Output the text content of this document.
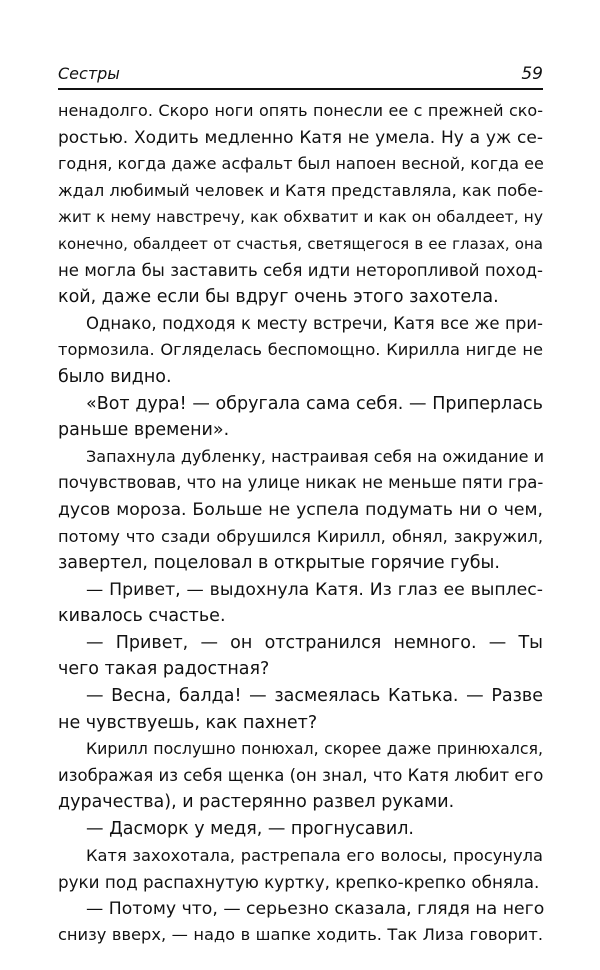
Сестры	59
ненадолго. Скоро ноги опять понесли ее с прежней ско-
ростью. Ходить медленно Катя не умела. Ну а уж се-
годня, когда даже асфальт был напоен весной, когда ее
ждал любимый человек и Катя представляла, как побе-
жит к нему навстречу, как обхватит и как он обалдеет, ну
конечно, обалдеет от счастья, светящегося в ее глазах, она
не могла бы заставить себя идти неторопливой поход-
кой, даже если бы вдруг очень этого захотела.
Однако, подходя к месту встречи, Катя все же при-
тормозила. Огляделась беспомощно. Кирилла нигде не
было видно.
«Вот дура! — обругала сама себя. — Приперлась
раньше времени».
Запахнула дубленку, настраивая себя на ожидание и
почувствовав, что на улице никак не меньше пяти гра-
дусов мороза. Больше не успела подумать ни о чем,
потому что сзади обрушился Кирилл, обнял, закружил,
завертел, поцеловал в открытые горячие губы.
— Привет, — выдохнула Катя. Из глаз ее выплес-
кивалось счастье.
— Привет, — он отстранился немного. — Ты
чего такая радостная?
— Весна, балда! — засмеялась Катька. — Разве
не чувствуешь, как пахнет?
Кирилл послушно понюхал, скорее даже принюхался,
изображая из себя щенка (он знал, что Катя любит его
дурачества), и растерянно развел руками.
— Дасморк у медя, — прогнусавил.
Катя захохотала, растрепала его волосы, просунула
руки под распахнутую куртку, крепко-крепко обняла.
— Потому что, — серьезно сказала, глядя на него
снизу вверх, — надо в шапке ходить. Так Лиза говорит.
